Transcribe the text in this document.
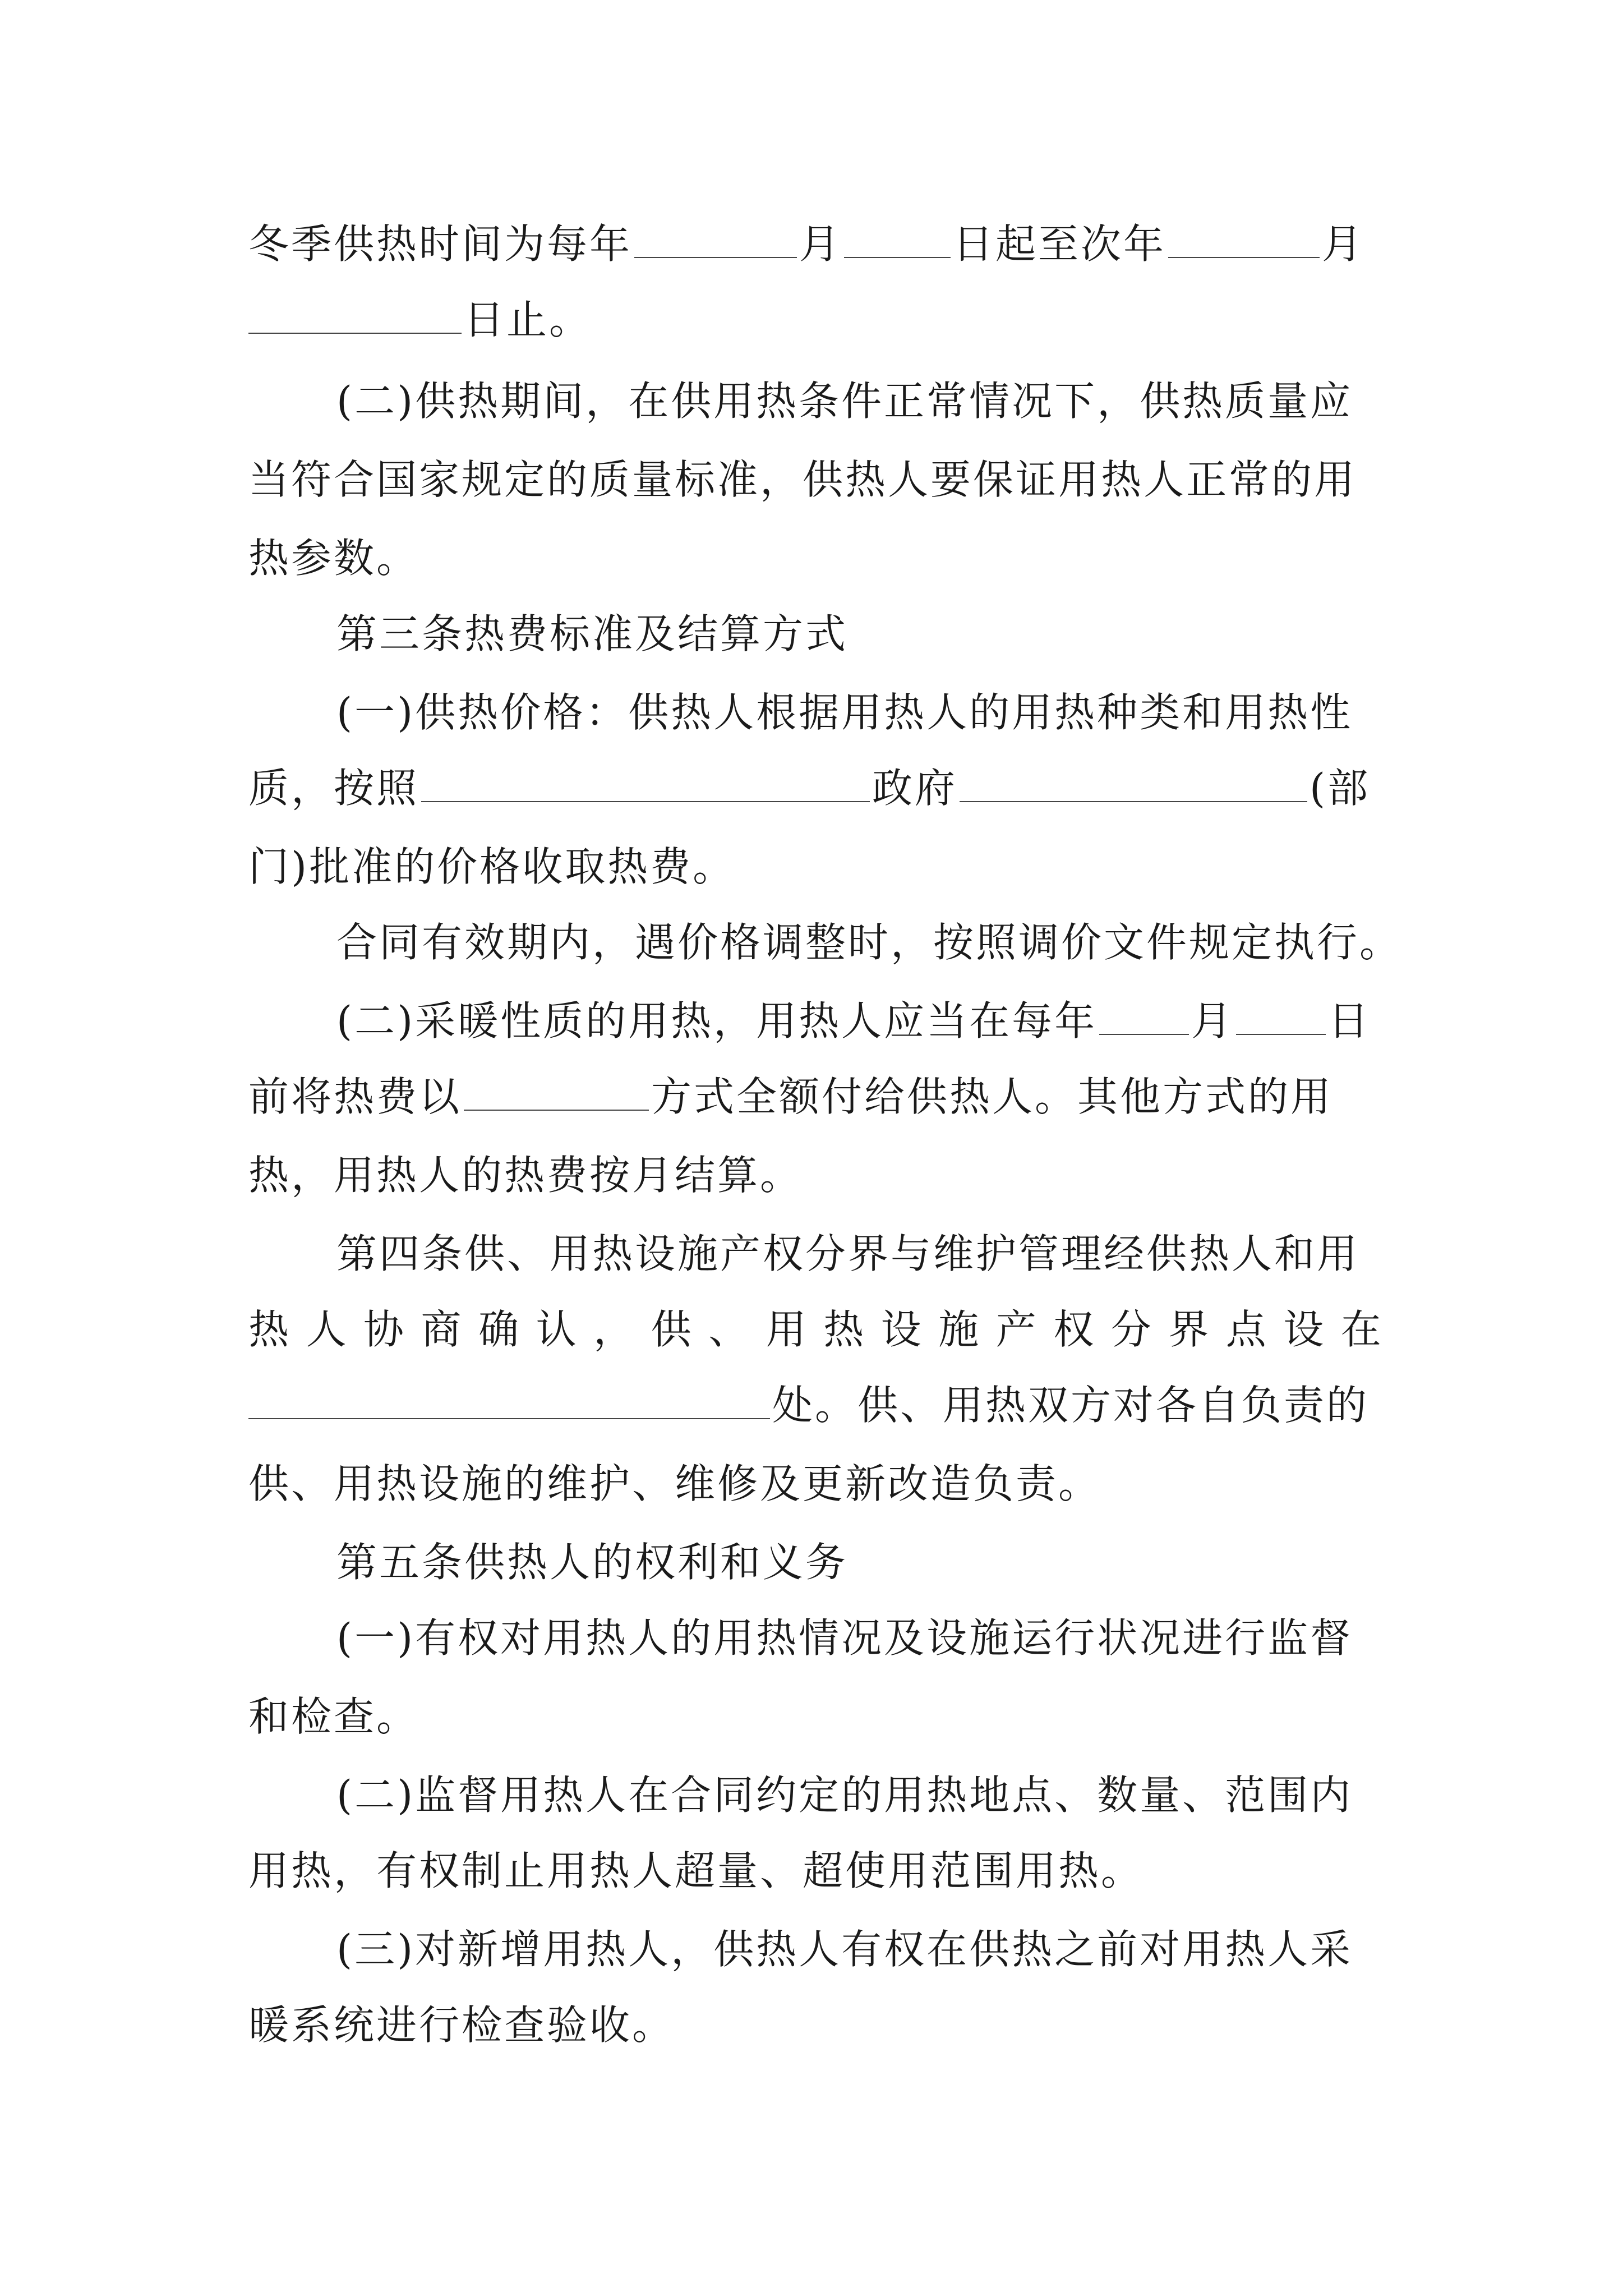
冬季供热时间为每年	月	日起至次年	月
日止。
(二)供热期间，在供用热条件正常情况下，供热质量应
当符合国家规定的质量标准，供热人要保证用热人正常的用
热参数。
第三条热费标准及结算方式
(一)供热价格：供热人根据用热人的用热种类和用热性
质，按照	政府	(部
门)批准的价格收取热费。
合同有效期内，遇价格调整时，按照调价文件规定执行。
(二)采暖性质的用热，用热人应当在每年 月 日
前将热费以	方式全额付给供热人。其他方式的用
热，用热人的热费按月结算。
第四条供、用热设施产权分界与维护管理经供热人和用
热 人 协 商 确 认 ， 供 、 用 热 设 施 产 权 分 界 点 设 在
处。供、用热双方对各自负责的
供、用热设施的维护、维修及更新改造负责。
第五条供热人的权利和义务
(一)有权对用热人的用热情况及设施运行状况进行监督
和检查。
(二)监督用热人在合同约定的用热地点、数量、范围内
用热，有权制止用热人超量、超使用范围用热。
(三)对新增用热人，供热人有权在供热之前对用热人采
暖系统进行检查验收。
